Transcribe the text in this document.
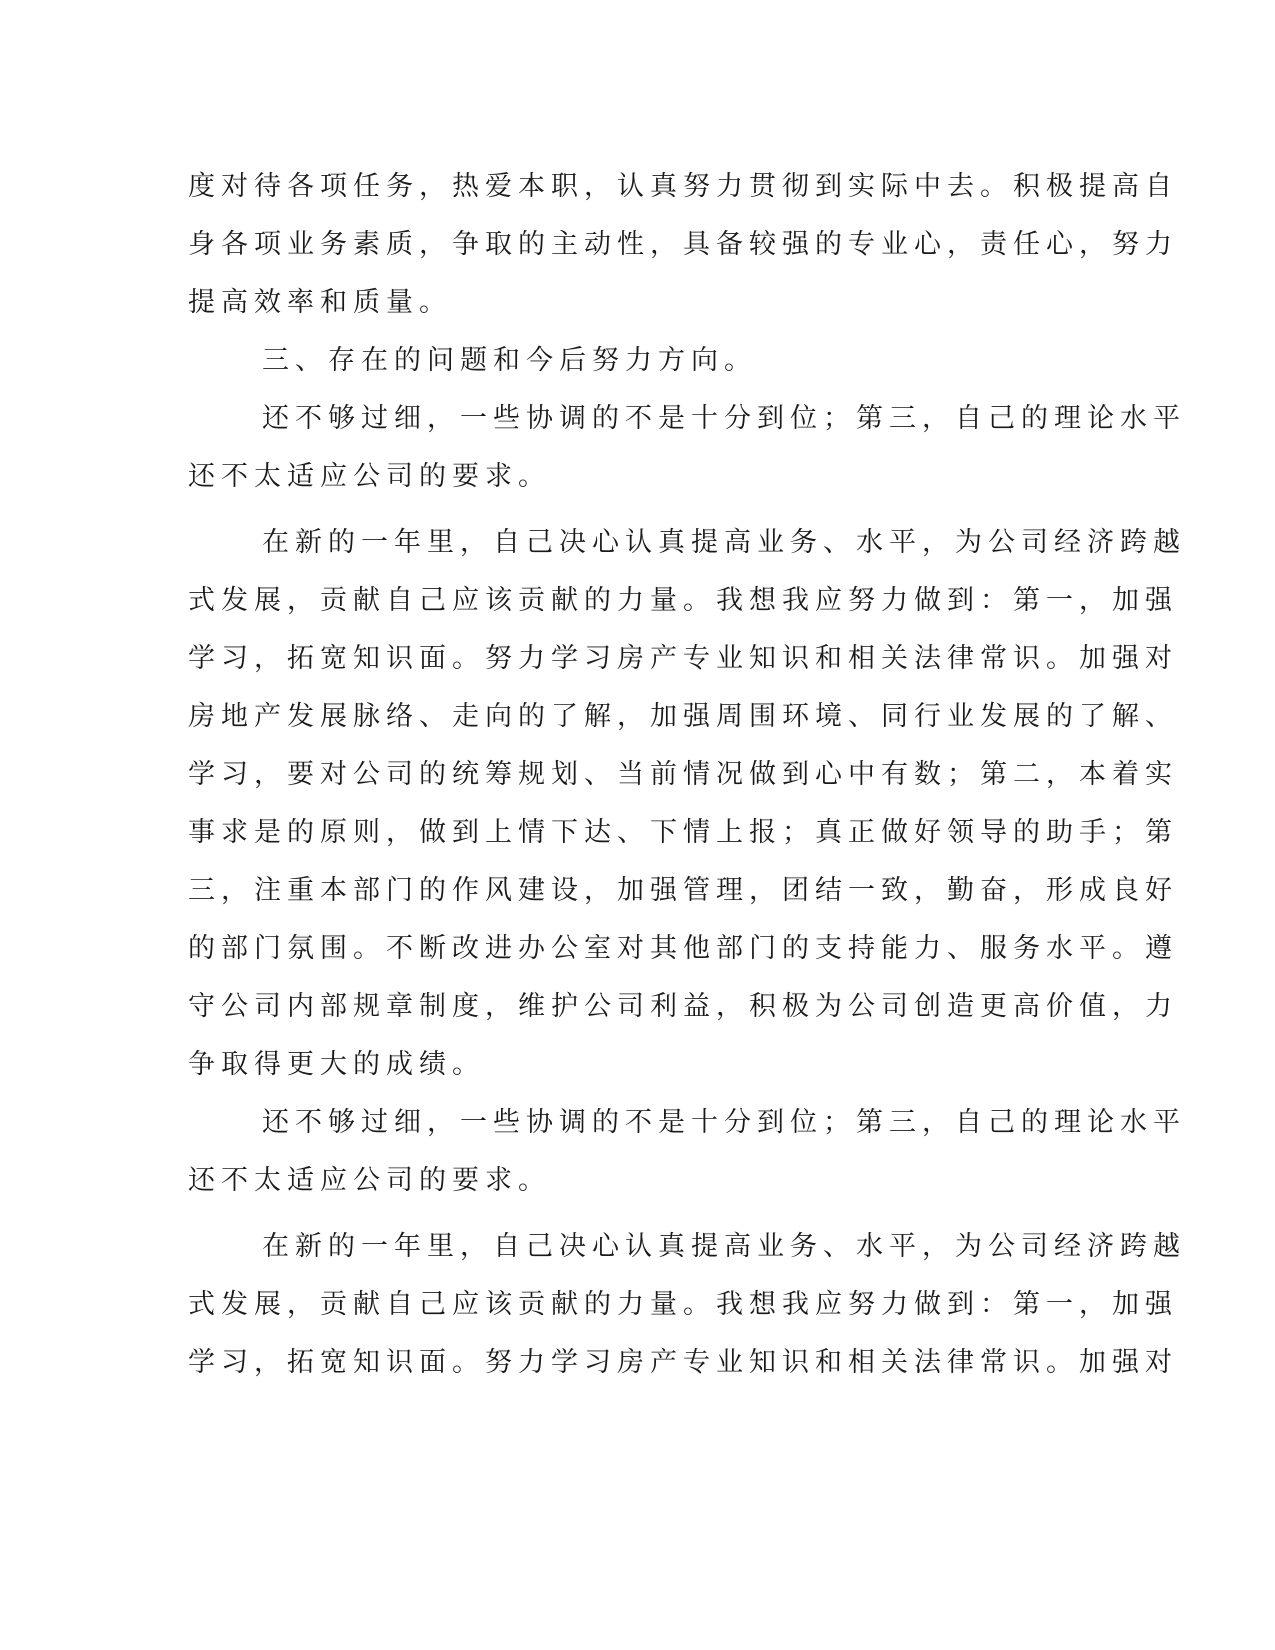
度对待各项任务，热爱本职，认真努力贯彻到实际中去。积极提高自
身各项业务素质，争取的主动性，具备较强的专业心，责任心，努力
提高效率和质量。
三、存在的问题和今后努力方向。
还不够过细，一些协调的不是十分到位；第三，自己的理论水平
还不太适应公司的要求。
在新的一年里，自己决心认真提高业务、水平，为公司经济跨越
式发展，贡献自己应该贡献的力量。我想我应努力做到：第一，加强
学习，拓宽知识面。努力学习房产专业知识和相关法律常识。加强对
房地产发展脉络、走向的了解，加强周围环境、同行业发展的了解、
学习，要对公司的统筹规划、当前情况做到心中有数；第二，本着实
事求是的原则，做到上情下达、下情上报；真正做好领导的助手；第
三，注重本部门的作风建设，加强管理，团结一致，勤奋，形成良好
的部门氛围。不断改进办公室对其他部门的支持能力、服务水平。遵
守公司内部规章制度，维护公司利益，积极为公司创造更高价值，力
争取得更大的成绩。
还不够过细，一些协调的不是十分到位；第三，自己的理论水平
还不太适应公司的要求。
在新的一年里，自己决心认真提高业务、水平，为公司经济跨越
式发展，贡献自己应该贡献的力量。我想我应努力做到：第一，加强
学习，拓宽知识面。努力学习房产专业知识和相关法律常识。加强对
